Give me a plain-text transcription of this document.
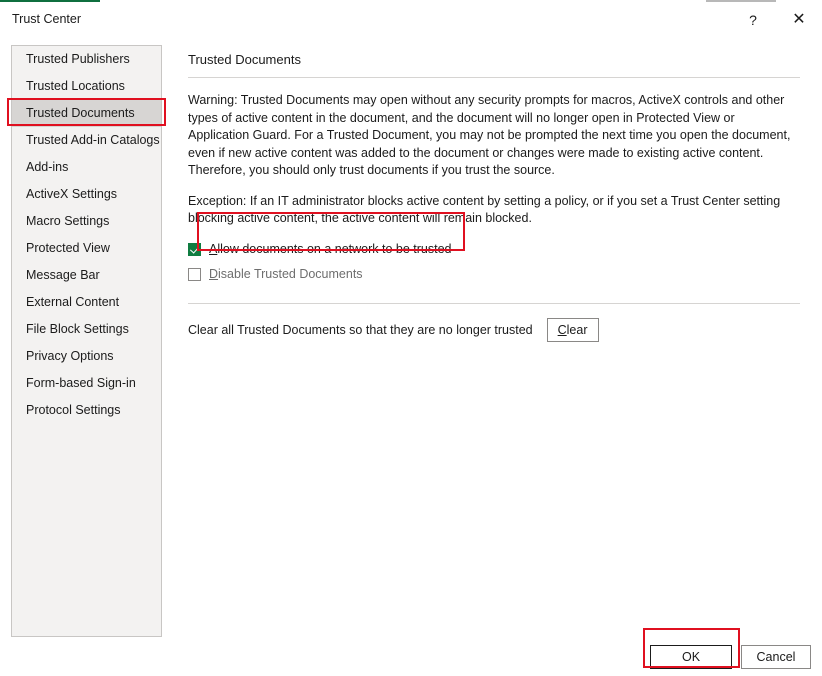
Trust Center	?	✕
Trusted Publishers
Trusted Locations
Trusted Documents
Trusted Add-in Catalogs
Add-ins
ActiveX Settings
Macro Settings
Protected View
Message Bar
External Content
File Block Settings
Privacy Options
Form-based Sign-in
Protocol Settings
Trusted Documents
Warning: Trusted Documents may open without any security prompts for macros, ActiveX controls and other types of active content in the document, and the document will no longer open in Protected View or Application Guard. For a Trusted Document, you may not be prompted the next time you open the document, even if new active content was added to the document or changes were made to existing active content. Therefore, you should only trust documents if you trust the source.
Exception: If an IT administrator blocks active content by setting a policy, or if you set a Trust Center setting blocking active content, the active content will remain blocked.
Allow documents on a network to be trusted
Disable Trusted Documents
Clear all Trusted Documents so that they are no longer trusted	Clear
OK	Cancel
